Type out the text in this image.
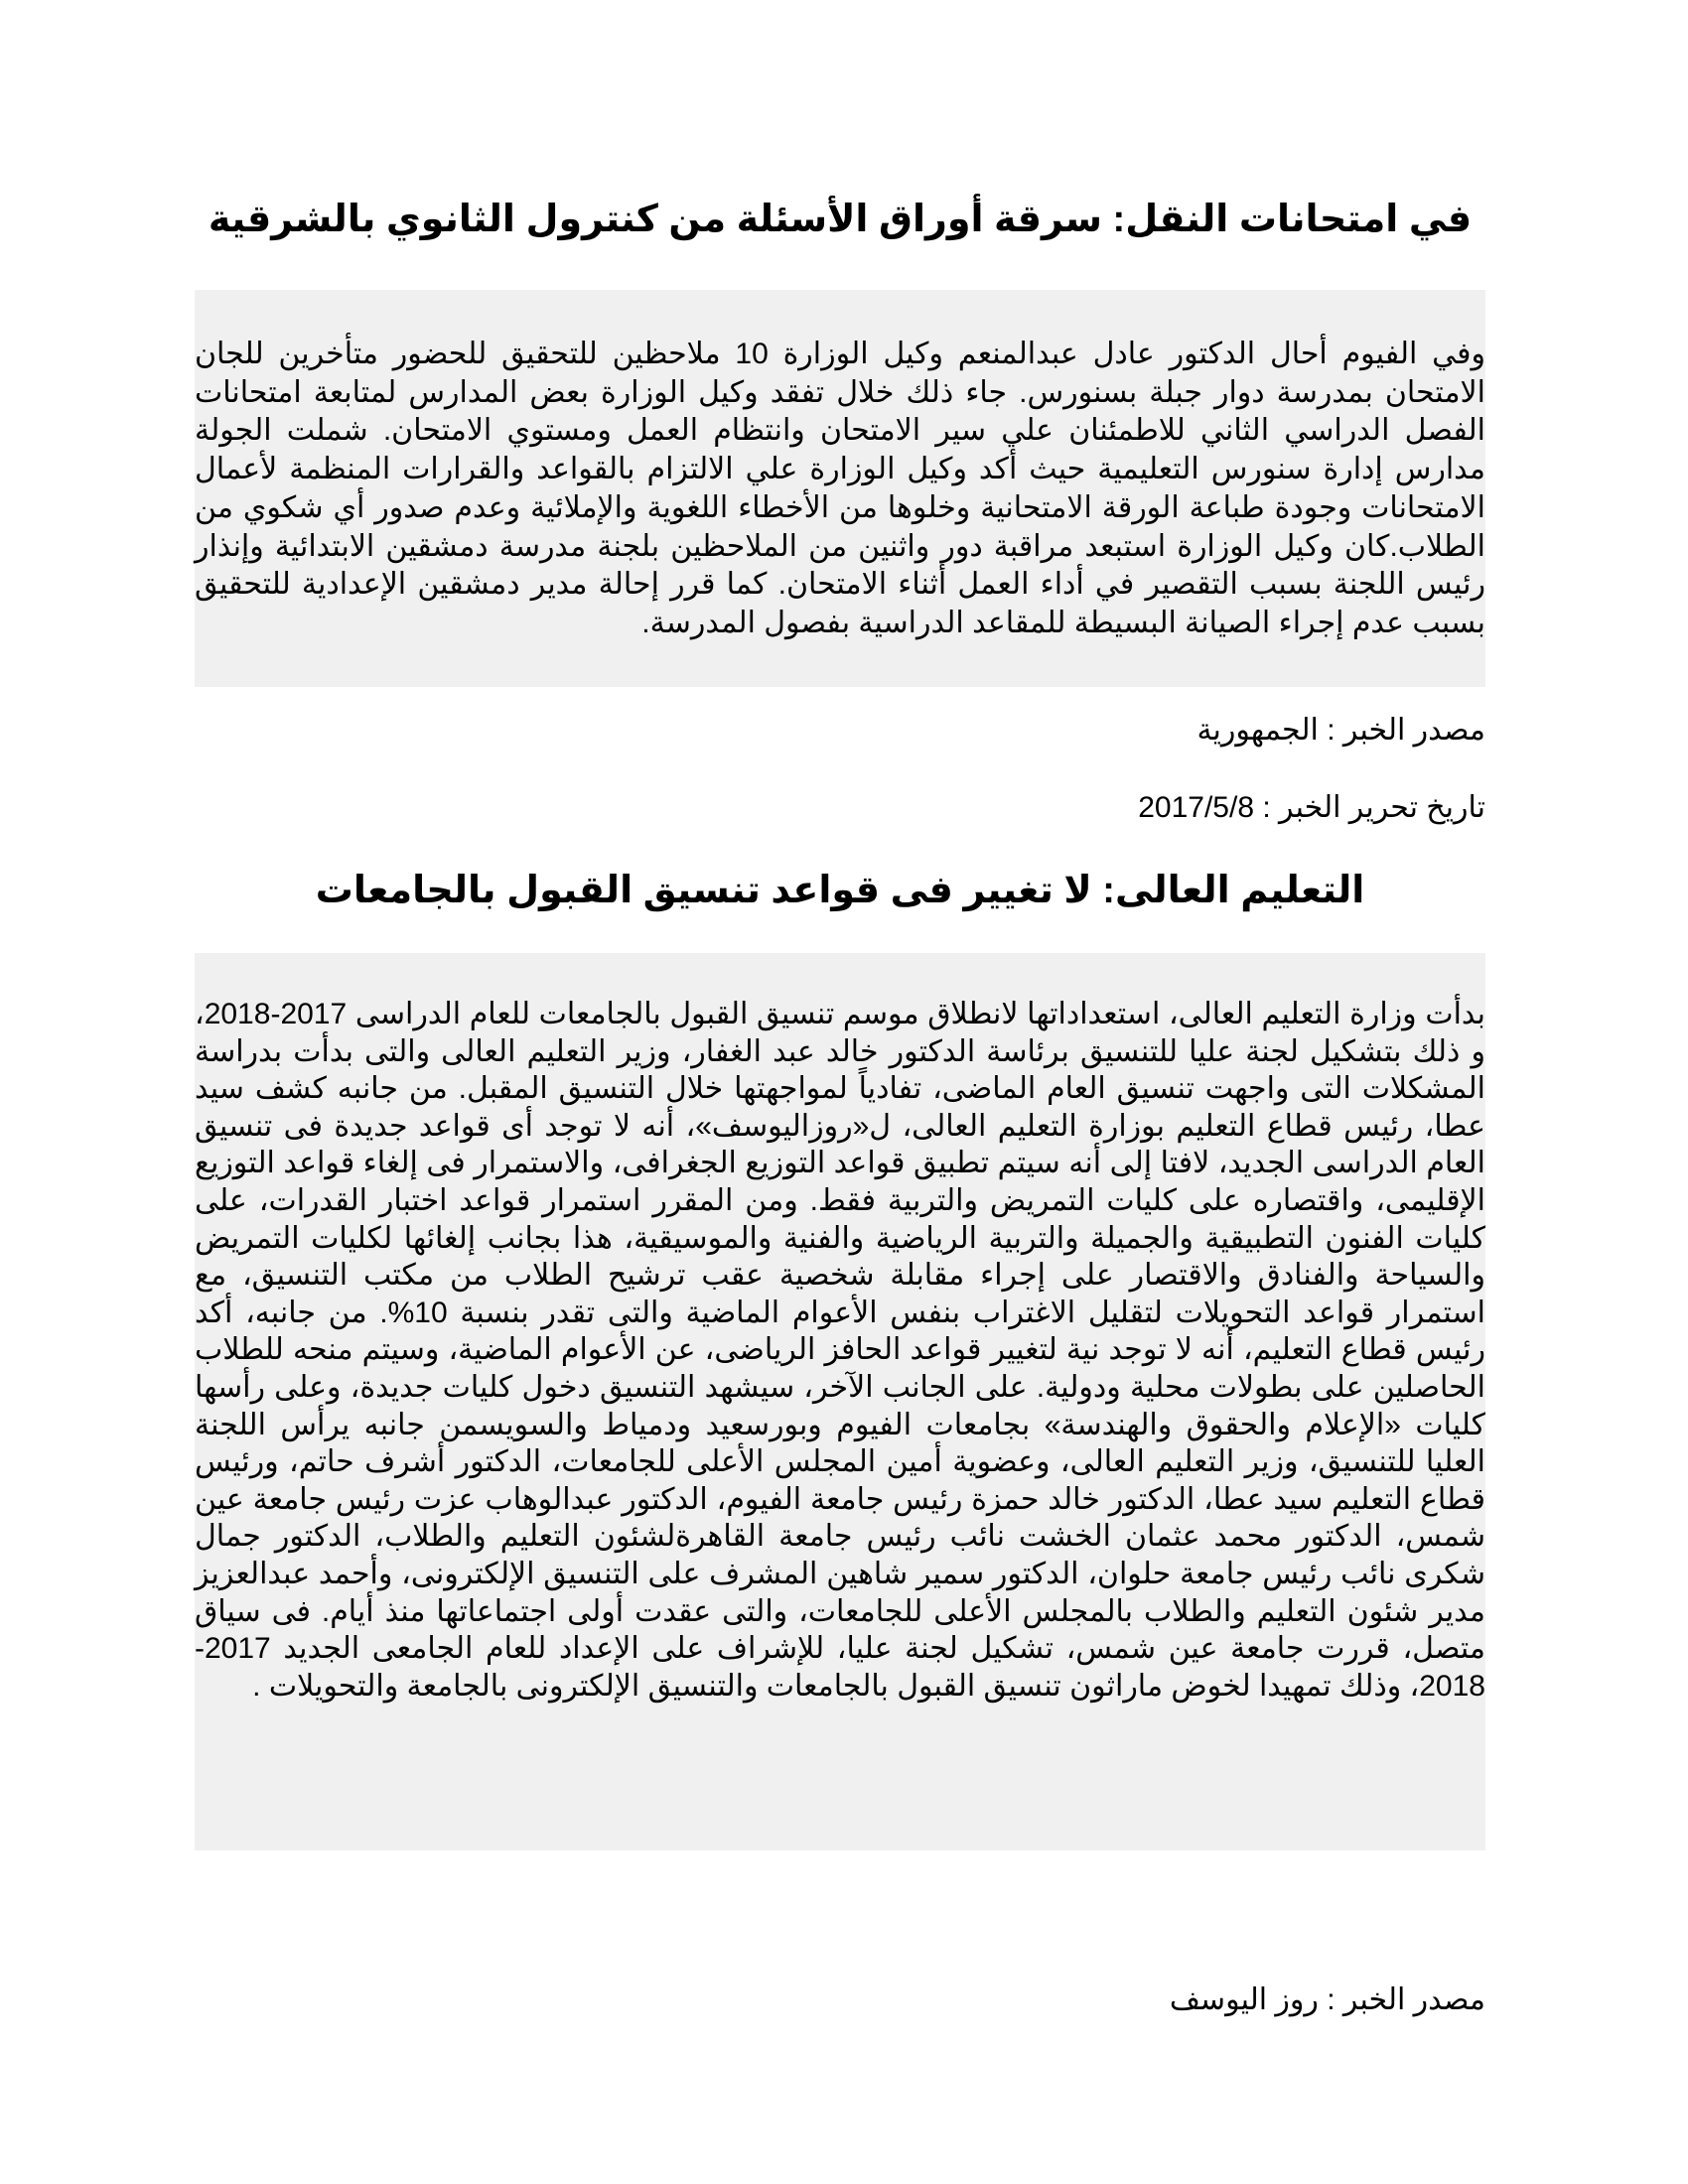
في امتحانات النقل: سرقة أوراق الأسئلة من كنترول الثانوي بالشرقية

وفي الفيوم أحال الدكتور عادل عبدالمنعم وكيل الوزارة 10 ملاحظين للتحقيق للحضور متأخرين للجان الامتحان بمدرسة دوار جبلة بسنورس. جاء ذلك خلال تفقد وكيل الوزارة بعض المدارس لمتابعة امتحانات الفصل الدراسي الثاني للاطمئنان علي سير الامتحان وانتظام العمل ومستوي الامتحان. شملت الجولة مدارس إدارة سنورس التعليمية حيث أكد وكيل الوزارة علي الالتزام بالقواعد والقرارات المنظمة لأعمال الامتحانات وجودة طباعة الورقة الامتحانية وخلوها من الأخطاء اللغوية والإملائية وعدم صدور أي شكوي من الطلاب.كان وكيل الوزارة استبعد مراقبة دور واثنين من الملاحظين بلجنة مدرسة دمشقين الابتدائية وإنذار رئيس اللجنة بسبب التقصير في أداء العمل أثناء الامتحان. كما قرر إحالة مدير دمشقين الإعدادية للتحقيق بسبب عدم إجراء الصيانة البسيطة للمقاعد الدراسية بفصول المدرسة.

مصدر الخبر : الجمهورية

تاريخ تحرير الخبر : 2017/5/8

التعليم العالى: لا تغيير فى قواعد تنسيق القبول بالجامعات

بدأت وزارة التعليم العالى، استعداداتها لانطلاق موسم تنسيق القبول بالجامعات للعام الدراسى 2017-2018، و ذلك بتشكيل لجنة عليا للتنسيق برئاسة الدكتور خالد عبد الغفار، وزير التعليم العالى والتى بدأت بدراسة المشكلات التى واجهت تنسيق العام الماضى، تفادياً لمواجهتها خلال التنسيق المقبل. من جانبه كشف سيد عطا، رئيس قطاع التعليم بوزارة التعليم العالى، ل«روزاليوسف»، أنه لا توجد أى قواعد جديدة فى تنسيق العام الدراسى الجديد، لافتا إلى أنه سيتم تطبيق قواعد التوزيع الجغرافى، والاستمرار فى إلغاء قواعد التوزيع الإقليمى، واقتصاره على كليات التمريض والتربية فقط. ومن المقرر استمرار قواعد اختبار القدرات، على كليات الفنون التطبيقية والجميلة والتربية الرياضية والفنية والموسيقية، هذا بجانب إلغائها لكليات التمريض والسياحة والفنادق والاقتصار على إجراء مقابلة شخصية عقب ترشيح الطلاب من مكتب التنسيق، مع استمرار قواعد التحويلات لتقليل الاغتراب بنفس الأعوام الماضية والتى تقدر بنسبة 10%. من جانبه، أكد رئيس قطاع التعليم، أنه لا توجد نية لتغيير قواعد الحافز الرياضى، عن الأعوام الماضية، وسيتم منحه للطلاب الحاصلين على بطولات محلية ودولية. على الجانب الآخر، سيشهد التنسيق دخول كليات جديدة، وعلى رأسها كليات «الإعلام والحقوق والهندسة» بجامعات الفيوم وبورسعيد ودمياط والسويسمن جانبه يرأس اللجنة العليا للتنسيق، وزير التعليم العالى، وعضوية أمين المجلس الأعلى للجامعات، الدكتور أشرف حاتم، ورئيس قطاع التعليم سيد عطا، الدكتور خالد حمزة رئيس جامعة الفيوم، الدكتور عبدالوهاب عزت رئيس جامعة عين شمس، الدكتور محمد عثمان الخشت نائب رئيس جامعة القاهرةلشئون التعليم والطلاب، الدكتور جمال شكرى نائب رئيس جامعة حلوان، الدكتور سمير شاهين المشرف على التنسيق الإلكترونى، وأحمد عبدالعزيز مدير شئون التعليم والطلاب بالمجلس الأعلى للجامعات، والتى عقدت أولى اجتماعاتها منذ أيام. فى سياق متصل، قررت جامعة عين شمس، تشكيل لجنة عليا، للإشراف على الإعداد للعام الجامعى الجديد 2017-2018، وذلك تمهيدا لخوض ماراثون تنسيق القبول بالجامعات والتنسيق الإلكترونى بالجامعة والتحويلات .

مصدر الخبر : روز اليوسف
